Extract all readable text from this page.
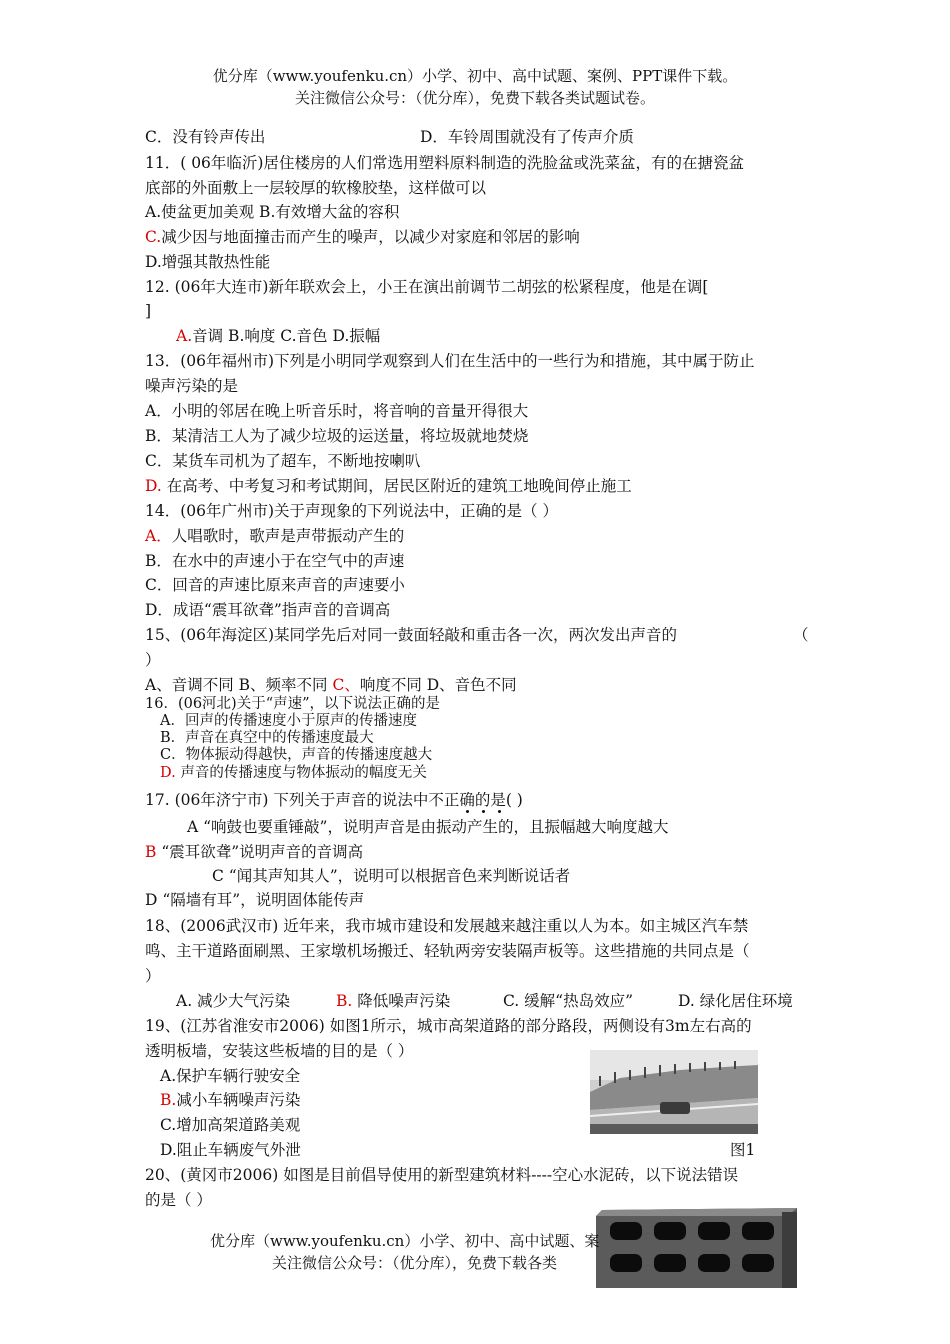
优分库（www.youfenku.cn）小学、初中、高中试题、案例、PPT课件下载。
关注微信公众号：（优分库），免费下载各类试题试卷。
C．没有铃声传出	D．车铃周围就没有了传声介质
11．( 06年临沂)居住楼房的人们常选用塑料原料制造的洗脸盆或洗菜盆，有的在搪瓷盆
底部的外面敷上一层较厚的软橡胶垫，这样做可以
A.使盆更加美观 B.有效增大盆的容积
C.减少因与地面撞击而产生的噪声，以减少对家庭和邻居的影响
D.增强其散热性能
12. (06年大连市)新年联欢会上，小王在演出前调节二胡弦的松紧程度，他是在调[
]
A.音调 B.响度 C.音色 D.振幅
13．(06年福州市)下列是小明同学观察到人们在生活中的一些行为和措施，其中属于防止
噪声污染的是
A．小明的邻居在晚上听音乐时，将音响的音量开得很大
B．某清洁工人为了减少垃圾的运送量，将垃圾就地焚烧
C．某货车司机为了超车，不断地按喇叭
D. 在高考、中考复习和考试期间，居民区附近的建筑工地晚间停止施工
14．(06年广州市)关于声现象的下列说法中，正确的是（ ）
A．人唱歌时，歌声是声带振动产生的
B．在水中的声速小于在空气中的声速
C．回音的声速比原来声音的声速要小
D．成语“震耳欲聋”指声音的音调高
15、(06年海淀区)某同学先后对同一鼓面轻敲和重击各一次，两次发出声音的	（
）
A、音调不同 B、频率不同 C、响度不同 D、音色不同
16．(06河北)关于“声速”，以下说法正确的是
A．回声的传播速度小于原声的传播速度
B．声音在真空中的传播速度最大
C．物体振动得越快，声音的传播速度越大
D. 声音的传播速度与物体振动的幅度无关
17. (06年济宁市) 下列关于声音的说法中不正确的是( )
A “响鼓也要重锤敲”，说明声音是由振动产生的，且振幅越大响度越大
B “震耳欲聋”说明声音的音调高
C “闻其声知其人”，说明可以根据音色来判断说话者
D “隔墙有耳”，说明固体能传声
18、(2006武汉市) 近年来，我市城市建设和发展越来越注重以人为本。如主城区汽车禁
鸣、主干道路面刷黑、王家墩机场搬迁、轻轨两旁安装隔声板等。这些措施的共同点是（
）
A. 减少大气污染	B. 降低噪声污染	C. 缓解“热岛效应”	D. 绿化居住环境
19、(江苏省淮安市2006) 如图1所示，城市高架道路的部分路段，两侧设有3m左右高的
透明板墙，安装这些板墙的目的是（ ）
A.保护车辆行驶安全
B.减小车辆噪声污染
C.增加高架道路美观
D.阻止车辆废气外泄	图1
20、(黄冈市2006) 如图是目前倡导使用的新型建筑材料----空心水泥砖，以下说法错误
的是（ ）
优分库（www.youfenku.cn）小学、初中、高中试题、案
关注微信公众号：（优分库），免费下载各类
